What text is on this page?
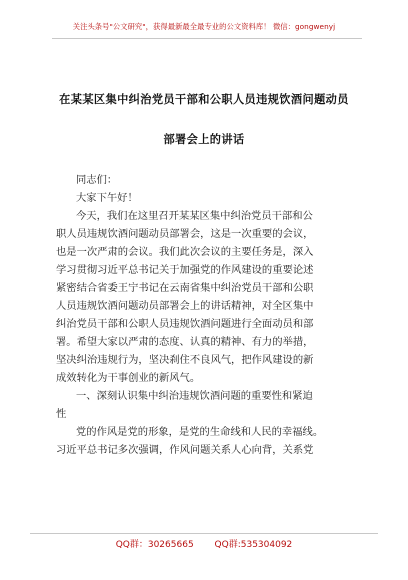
关注头条号"公文研究"，获得最新最全最专业的公文资料库！ 微信：gongwenyj
在某某区集中纠治党员干部和公职人员违规饮酒问题动员
部署会上的讲话
同志们：
大家下午好！
今天，我们在这里召开某某区集中纠治党员干部和公
职人员违规饮酒问题动员部署会，这是一次重要的会议，
也是一次严肃的会议。我们此次会议的主要任务是，深入
学习贯彻习近平总书记关于加强党的作风建设的重要论述
紧密结合省委王宁书记在云南省集中纠治党员干部和公职
人员违规饮酒问题动员部署会上的讲话精神，对全区集中
纠治党员干部和公职人员违规饮酒问题进行全面动员和部
署。希望大家以严肃的态度、认真的精神、有力的举措，
坚决纠治违规行为，坚决刹住不良风气，把作风建设的新
成效转化为干事创业的新风气。
一、深刻认识集中纠治违规饮酒问题的重要性和紧迫
性
党的作风是党的形象，是党的生命线和人民的幸福线。
习近平总书记多次强调，作风问题关系人心向背，关系党
QQ群：30265665 QQ群:535304092
